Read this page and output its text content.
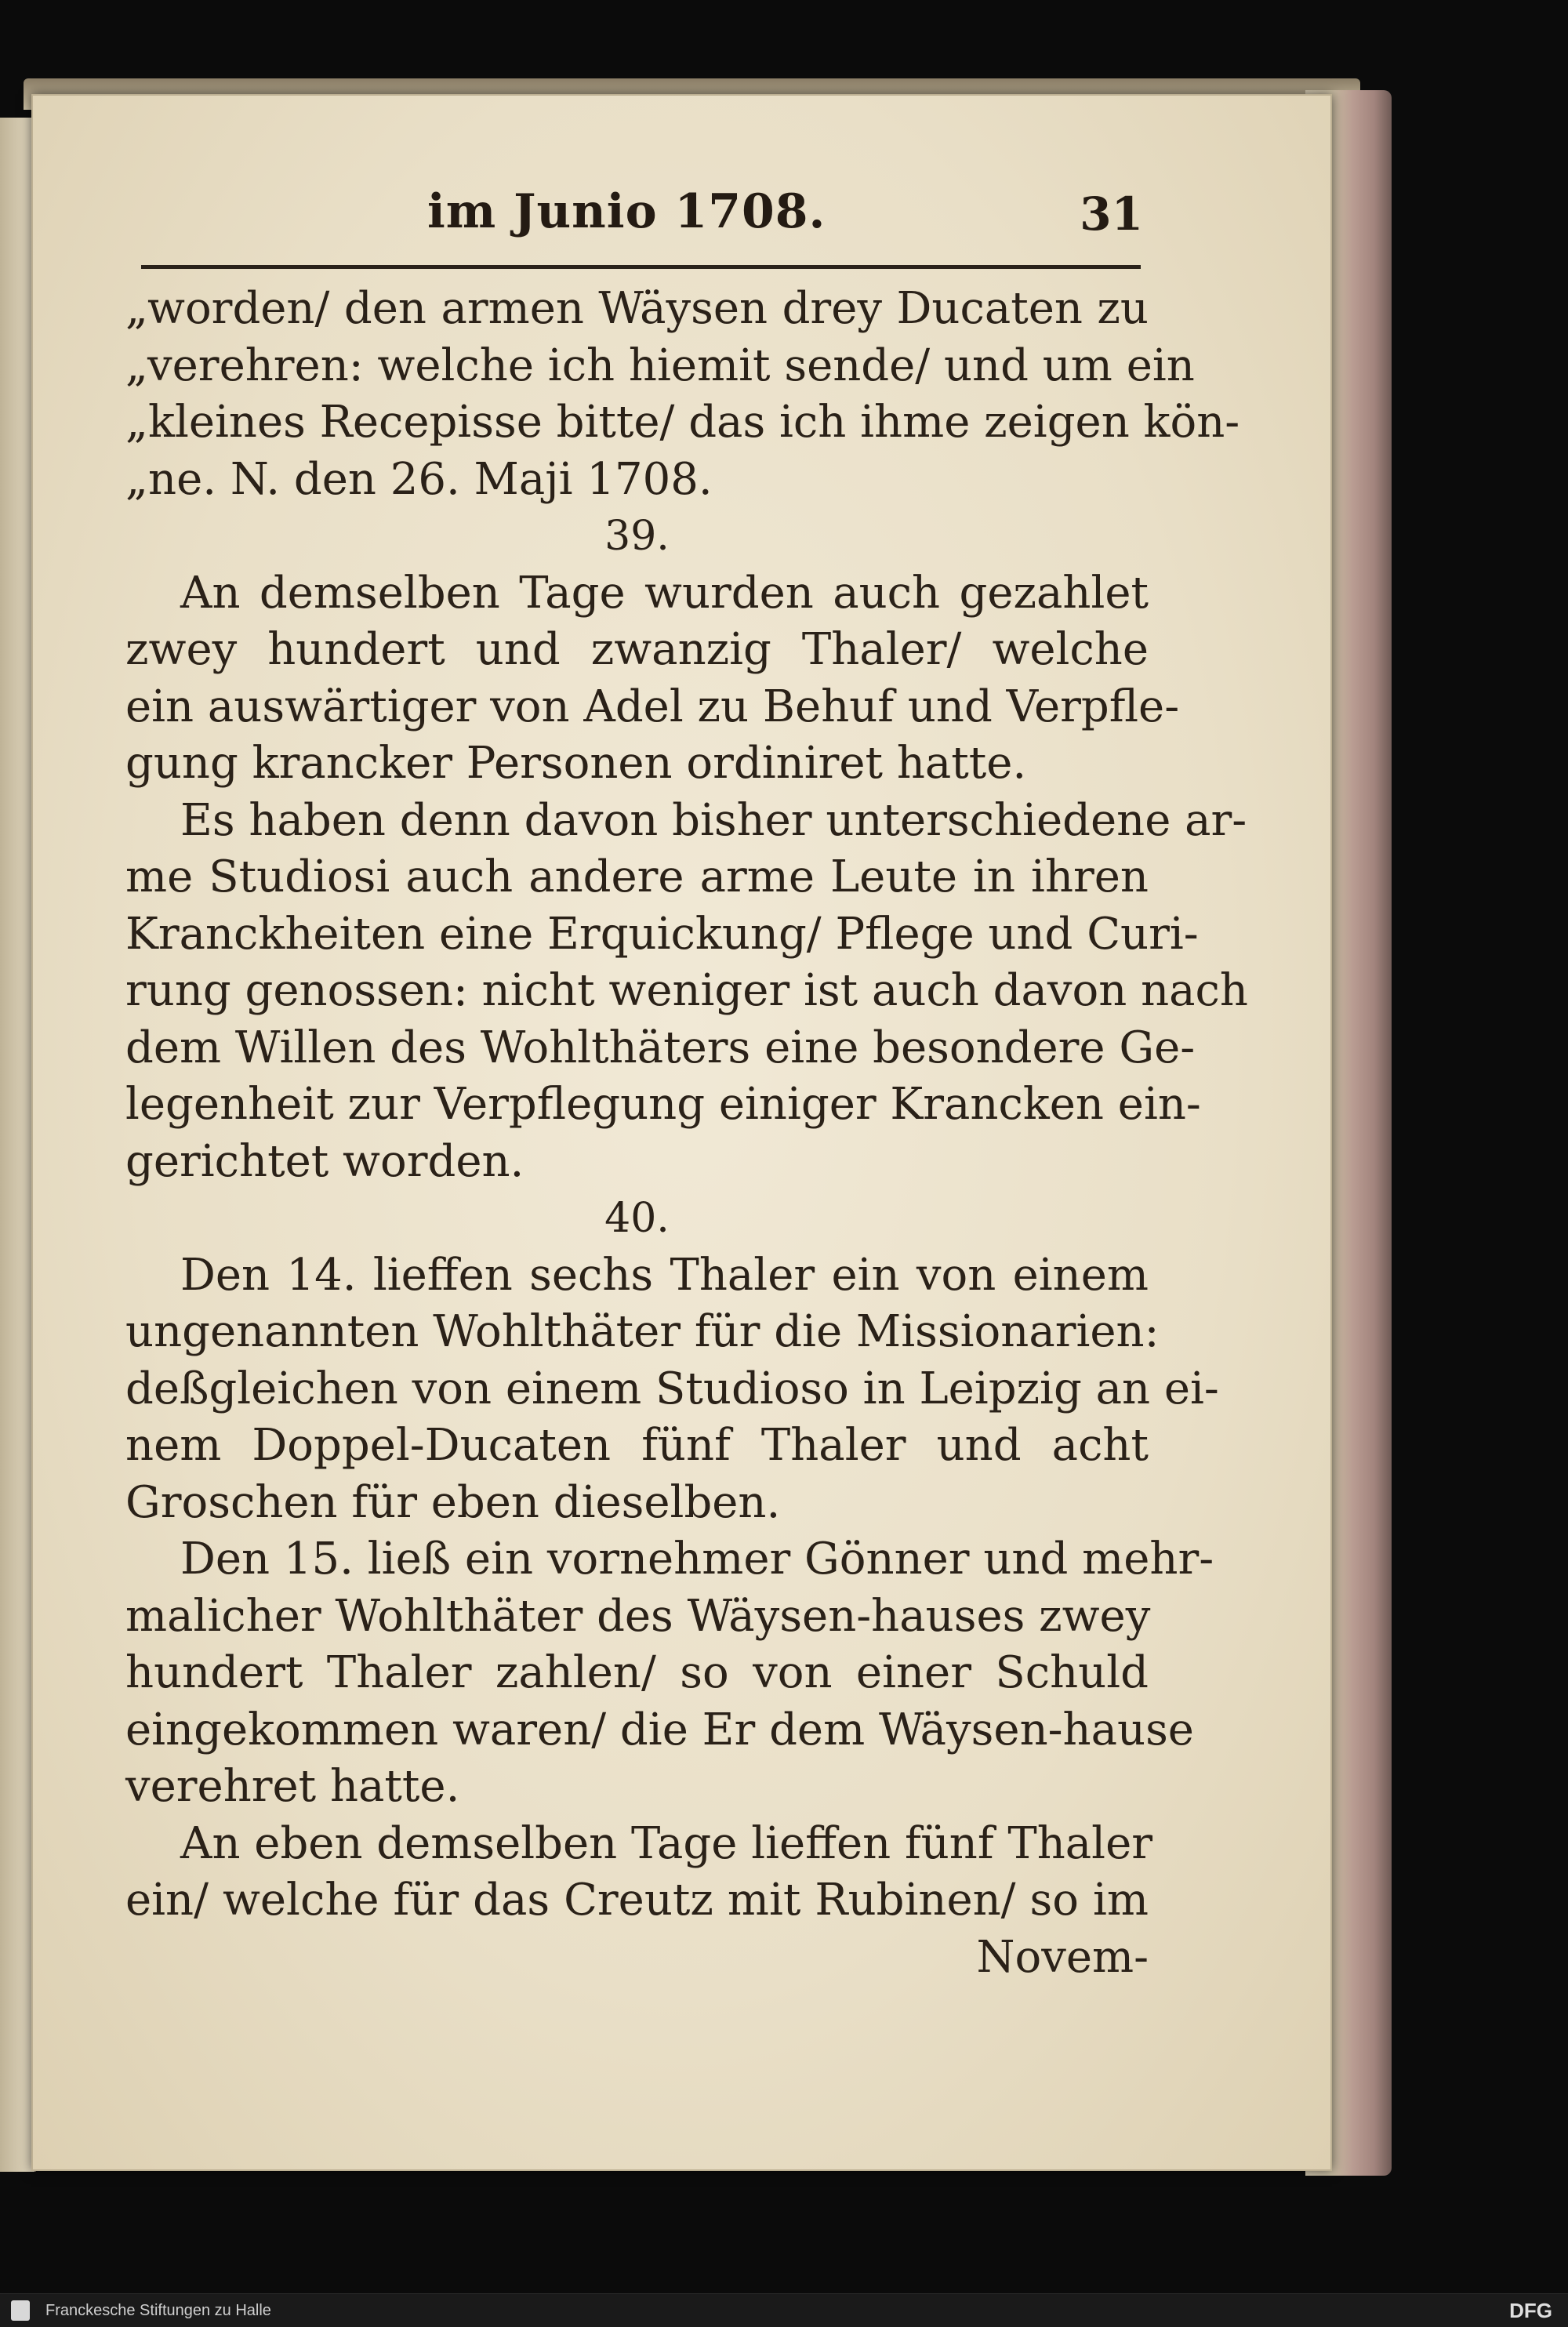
im Junio 1708.	31
„worden/ den armen Wäysen drey Ducaten zu
„verehren: welche ich hiemit sende/ und um ein
„kleines Recepisse bitte/ das ich ihme zeigen kön-
„ne. N. den 26. Maji 1708.
39.
An demselben Tage wurden auch gezahlet
zwey hundert und zwanzig Thaler/ welche
ein auswärtiger von Adel zu Behuf und Verpfle-
gung krancker Personen ordiniret hatte.
Es haben denn davon bisher unterschiedene ar-
me Studiosi auch andere arme Leute in ihren
Kranckheiten eine Erquickung/ Pflege und Curi-
rung genossen: nicht weniger ist auch davon nach
dem Willen des Wohlthäters eine besondere Ge-
legenheit zur Verpflegung einiger Krancken ein-
gerichtet worden.
40.
Den 14. lieffen sechs Thaler ein von einem
ungenannten Wohlthäter für die Missionarien:
deßgleichen von einem Studioso in Leipzig an ei-
nem Doppel-Ducaten fünf Thaler und acht
Groschen für eben dieselben.
Den 15. ließ ein vornehmer Gönner und mehr-
malicher Wohlthäter des Wäysen-hauses zwey
hundert Thaler zahlen/ so von einer Schuld
eingekommen waren/ die Er dem Wäysen-hause
verehret hatte.
An eben demselben Tage lieffen fünf Thaler
ein/ welche für das Creutz mit Rubinen/ so im
Novem-
Franckesche Stiftungen zu Halle	DFG
